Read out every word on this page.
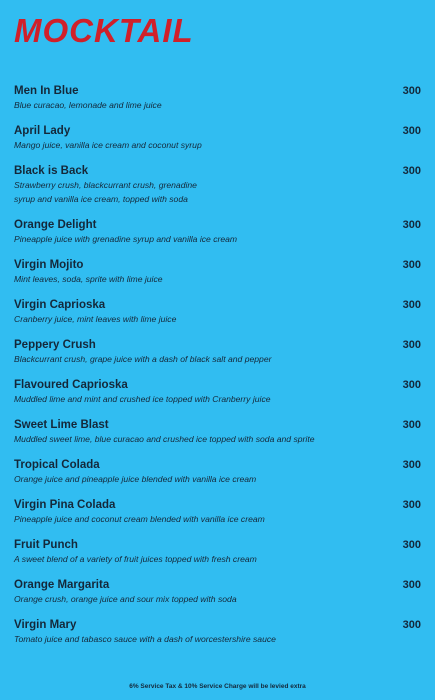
MOCKTAIL
Men In Blue	300
Blue curacao, lemonade and lime juice
April Lady	300
Mango juice, vanilla ice cream and coconut syrup
Black is Back	300
Strawberry crush, blackcurrant crush, grenadine syrup and vanilla ice cream, topped with soda
Orange Delight	300
Pineapple juice with grenadine syrup and vanilla ice cream
Virgin Mojito	300
Mint leaves, soda, sprite with lime juice
Virgin Caprioska	300
Cranberry juice, mint leaves with lime juice
Peppery Crush	300
Blackcurrant crush, grape juice with a dash of black salt and pepper
Flavoured Caprioska	300
Muddled lime and mint and crushed ice topped with Cranberry juice
Sweet Lime Blast	300
Muddled sweet lime, blue curacao and crushed ice topped with soda and sprite
Tropical Colada	300
Orange juice and pineapple juice blended with vanilla ice cream
Virgin Pina Colada	300
Pineapple juice and coconut cream blended with vanilla ice cream
Fruit Punch	300
A sweet blend of a variety of fruit juices topped with fresh cream
Orange Margarita	300
Orange crush, orange juice and sour mix topped with soda
Virgin Mary	300
Tomato juice and tabasco sauce with a dash of worcestershire sauce
6% Service Tax & 10% Service Charge will be levied extra
